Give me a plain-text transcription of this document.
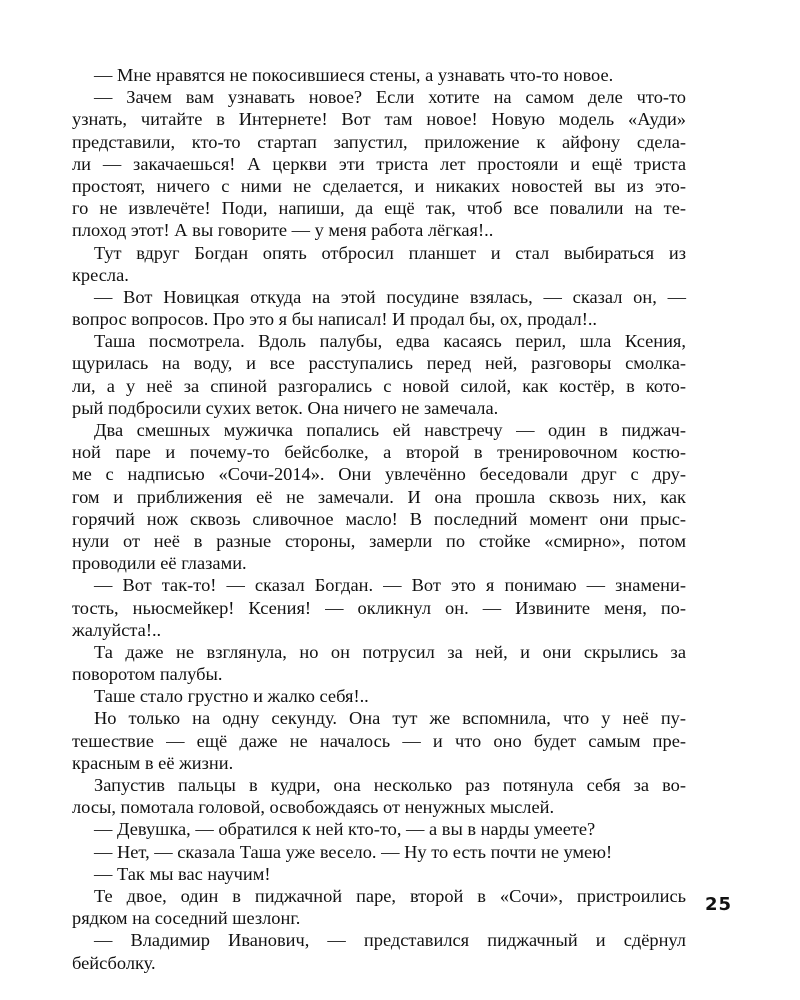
— Мне нравятся не покосившиеся стены, а узнавать что-то новое.
— Зачем вам узнавать новое? Если хотите на самом деле что-то
узнать, читайте в Интернете! Вот там новое! Новую модель «Ауди»
представили, кто-то стартап запустил, приложение к айфону сдела-
ли — закачаешься! А церкви эти триста лет простояли и ещё триста
простоят, ничего с ними не сделается, и никаких новостей вы из это-
го не извлечёте! Поди, напиши, да ещё так, чтоб все повалили на те-
плоход этот! А вы говорите — у меня работа лёгкая!..
Тут вдруг Богдан опять отбросил планшет и стал выбираться из
кресла.
— Вот Новицкая откуда на этой посудине взялась, — сказал он, —
вопрос вопросов. Про это я бы написал! И продал бы, ох, продал!..
Таша посмотрела. Вдоль палубы, едва касаясь перил, шла Ксения,
щурилась на воду, и все расступались перед ней, разговоры смолка-
ли, а у неё за спиной разгорались с новой силой, как костёр, в кото-
рый подбросили сухих веток. Она ничего не замечала.
Два смешных мужичка попались ей навстречу — один в пиджач-
ной паре и почему-то бейсболке, а второй в тренировочном костю-
ме с надписью «Сочи-2014». Они увлечённо беседовали друг с дру-
гом и приближения её не замечали. И она прошла сквозь них, как
горячий нож сквозь сливочное масло! В последний момент они прыс-
нули от неё в разные стороны, замерли по стойке «смирно», потом
проводили её глазами.
— Вот так-то! — сказал Богдан. — Вот это я понимаю — знамени-
тость, ньюсмейкер! Ксения! — окликнул он. — Извините меня, по-
жалуйста!..
Та даже не взглянула, но он потрусил за ней, и они скрылись за
поворотом палубы.
Таше стало грустно и жалко себя!..
Но только на одну секунду. Она тут же вспомнила, что у неё пу-
тешествие — ещё даже не началось — и что оно будет самым пре-
красным в её жизни.
Запустив пальцы в кудри, она несколько раз потянула себя за во-
лосы, помотала головой, освобождаясь от ненужных мыслей.
— Девушка, — обратился к ней кто-то, — а вы в нарды умеете?
— Нет, — сказала Таша уже весело. — Ну то есть почти не умею!
— Так мы вас научим!
Те двое, один в пиджачной паре, второй в «Сочи», пристроились
рядком на соседний шезлонг.
— Владимир Иванович, — представился пиджачный и сдёрнул
бейсболку.
25
